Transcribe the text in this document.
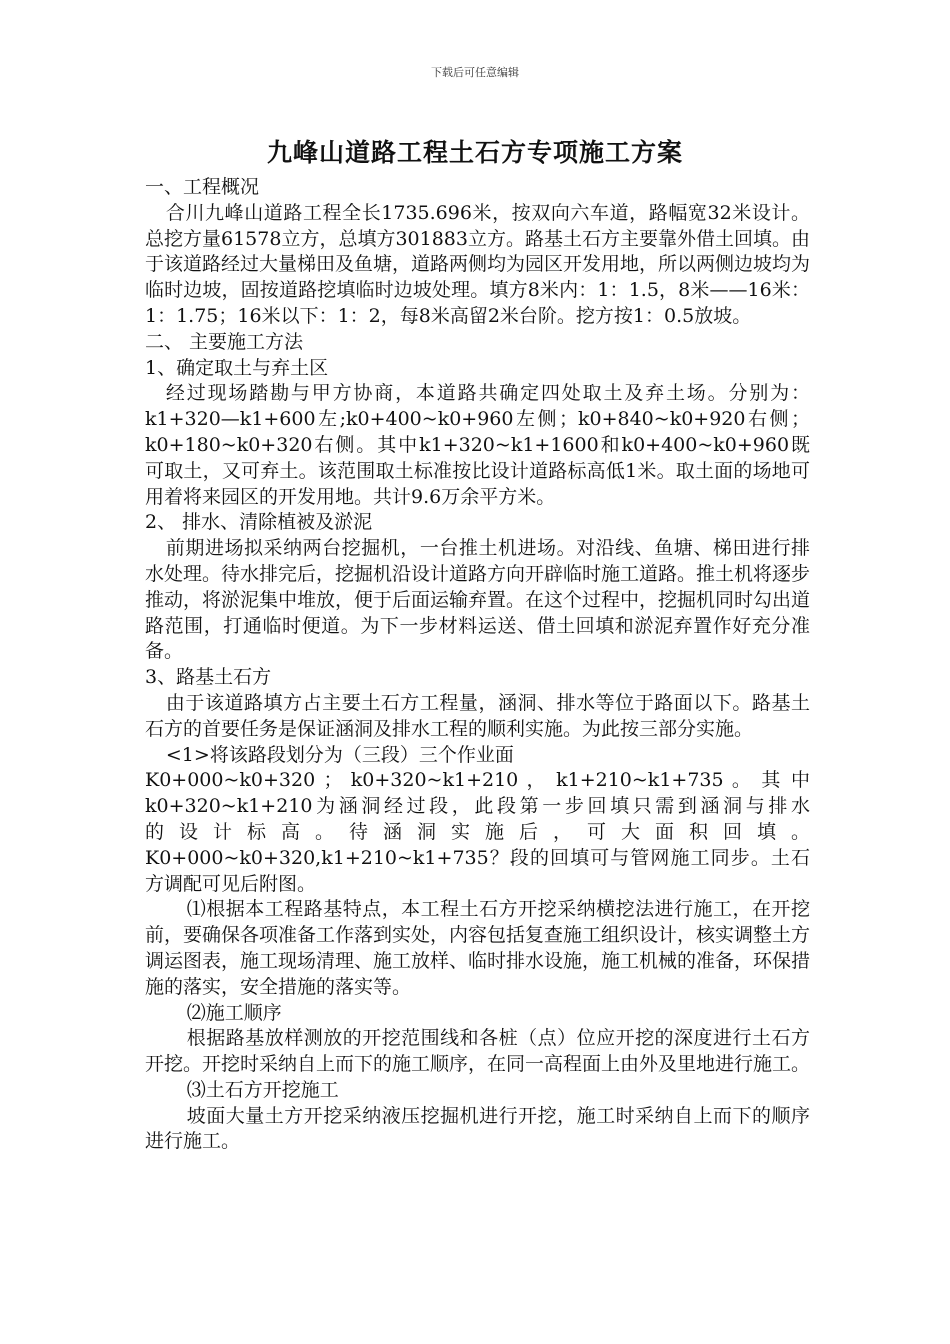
下载后可任意编辑
九峰山道路工程土石方专项施工方案

一、工程概况

合川九峰山道路工程全长1735.696米，按双向六车道，路幅宽32米设计。总挖方量61578立方，总填方301883立方。路基土石方主要靠外借土回填。由于该道路经过大量梯田及鱼塘，道路两侧均为园区开发用地，所以两侧边坡均为临时边坡，固按道路挖填临时边坡处理。填方8米内：1：1.5，8米——16米：1：1.75；16米以下：1：2，每8米高留2米台阶。挖方按1：0.5放坡。

二、 主要施工方法

1、确定取土与弃土区

经过现场踏勘与甲方协商，本道路共确定四处取土及弃土场。分别为：k1+320—k1+600左;k0+400~k0+960左侧；k0+840~k0+920右侧；k0+180~k0+320右侧。其中k1+320~k1+1600和k0+400~k0+960既可取土，又可弃土。该范围取土标准按比设计道路标高低1米。取土面的场地可用着将来园区的开发用地。共计9.6万余平方米。

2、 排水、清除植被及淤泥

前期进场拟采纳两台挖掘机，一台推土机进场。对沿线、鱼塘、梯田进行排水处理。待水排完后，挖掘机沿设计道路方向开辟临时施工道路。推土机将逐步推动，将淤泥集中堆放，便于后面运输弃置。在这个过程中，挖掘机同时勾出道路范围，打通临时便道。为下一步材料运送、借土回填和淤泥弃置作好充分准备。

3、路基土石方

由于该道路填方占主要土石方工程量，涵洞、排水等位于路面以下。路基土石方的首要任务是保证涵洞及排水工程的顺利实施。为此按三部分实施。

<1>将该路段划分为（三段）三个作业面

K0+000~k0+320 ； k0+320~k1+210 ， k1+210~k1+735 。 其 中

k0+320~k1+210为涵洞经过段，此段第一步回填只需到涵洞与排水

的 设 计 标 高 。 待 涵 洞 实 施 后 ， 可 大 面 积 回 填 。

K0+000~k0+320,k1+210~k1+735？段的回填可与管网施工同步。土石方调配可见后附图。

⑴根据本工程路基特点，本工程土石方开挖采纳横挖法进行施工，在开挖前，要确保各项准备工作落到实处，内容包括复查施工组织设计，核实调整土方调运图表，施工现场清理、施工放样、临时排水设施，施工机械的准备，环保措施的落实，安全措施的落实等。

⑵施工顺序

根据路基放样测放的开挖范围线和各桩（点）位应开挖的深度进行土石方开挖。开挖时采纳自上而下的施工顺序，在同一高程面上由外及里地进行施工。

⑶土石方开挖施工

坡面大量土方开挖采纳液压挖掘机进行开挖，施工时采纳自上而下的顺序进行施工。
